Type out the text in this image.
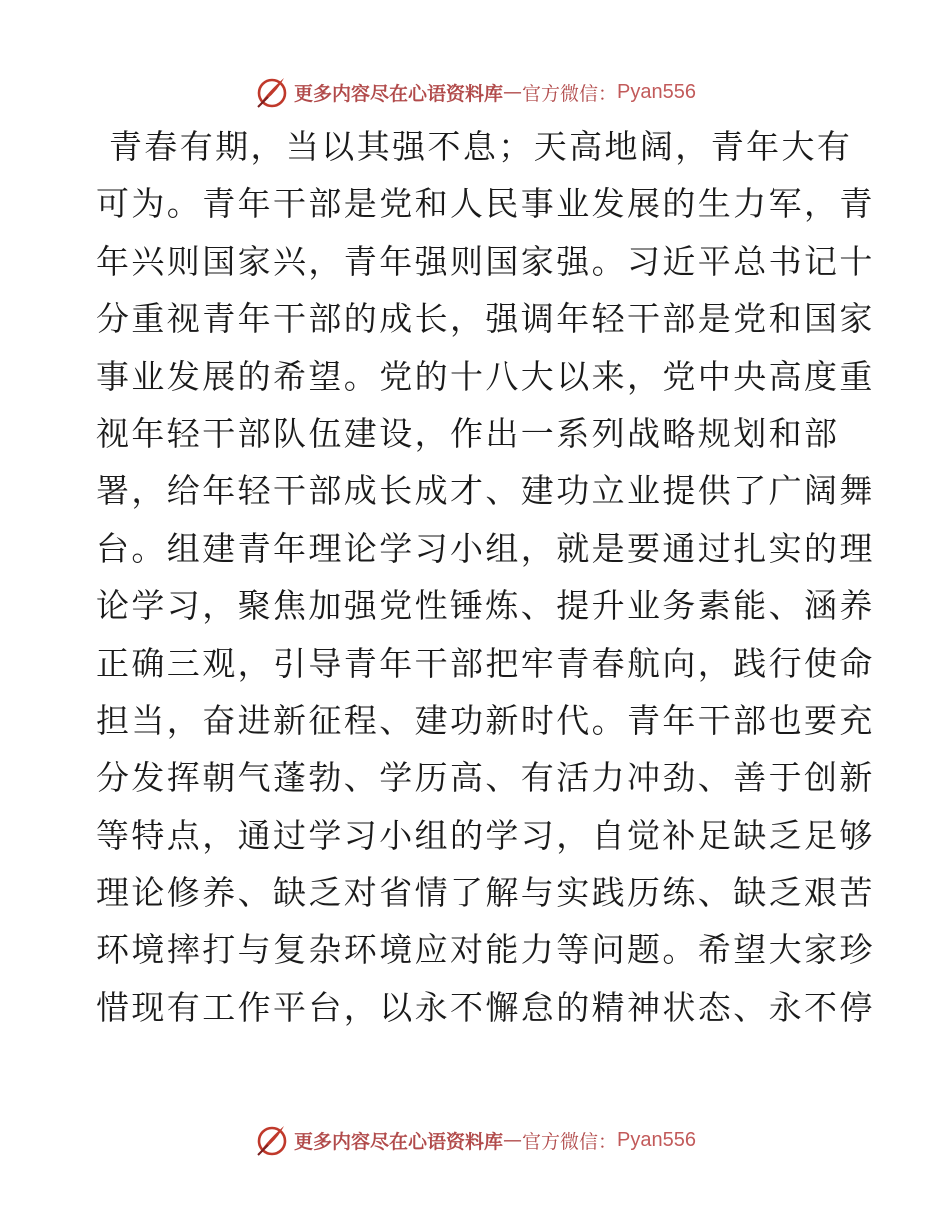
更多内容尽在心语资料库 — 官方微信： Pyan556
青春有期，当以其强不息；天高地阔，青年大有
可为。青年干部是党和人民事业发展的生力军，青
年兴则国家兴，青年强则国家强。习近平总书记十
分重视青年干部的成长，强调年轻干部是党和国家
事业发展的希望。党的十八大以来，党中央高度重
视年轻干部队伍建设，作出一系列战略规划和部
署，给年轻干部成长成才、建功立业提供了广阔舞
台。组建青年理论学习小组，就是要通过扎实的理
论学习，聚焦加强党性锤炼、提升业务素能、涵养
正确三观，引导青年干部把牢青春航向，践行使命
担当，奋进新征程、建功新时代。青年干部也要充
分发挥朝气蓬勃、学历高、有活力冲劲、善于创新
等特点，通过学习小组的学习，自觉补足缺乏足够
理论修养、缺乏对省情了解与实践历练、缺乏艰苦
环境摔打与复杂环境应对能力等问题。希望大家珍
惜现有工作平台，以永不懈怠的精神状态、永不停
更多内容尽在心语资料库 — 官方微信： Pyan556
